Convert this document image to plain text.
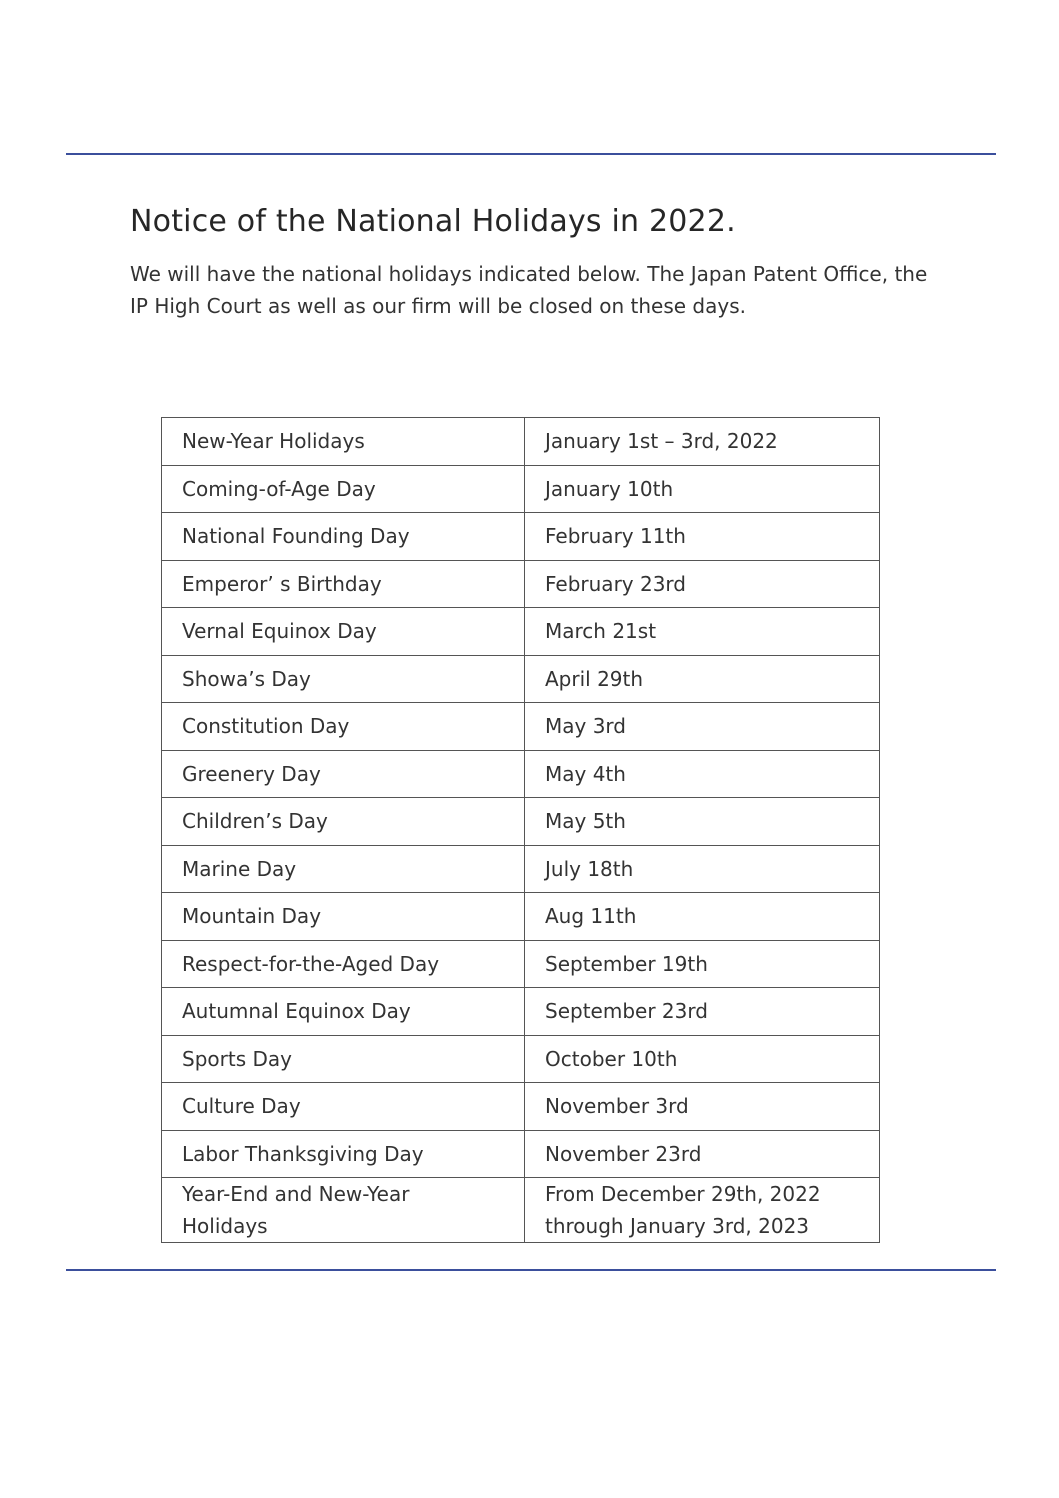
Notice of the National Holidays in 2022.

We will have the national holidays indicated below. The Japan Patent Office, the IP High Court as well as our firm will be closed on these days.

New-Year Holidays	January 1st – 3rd, 2022
Coming-of-Age Day	January 10th
National Founding Day	February 11th
Emperor’ s Birthday	February 23rd
Vernal Equinox Day	March 21st
Showa’s Day	April 29th
Constitution Day	May 3rd
Greenery Day	May 4th
Children’s Day	May 5th
Marine Day	July 18th
Mountain Day	Aug 11th
Respect-for-the-Aged Day	September 19th
Autumnal Equinox Day	September 23rd
Sports Day	October 10th
Culture Day	November 3rd
Labor Thanksgiving Day	November 23rd
Year-End and New-Year
Holidays	From December 29th, 2022
through January 3rd, 2023
